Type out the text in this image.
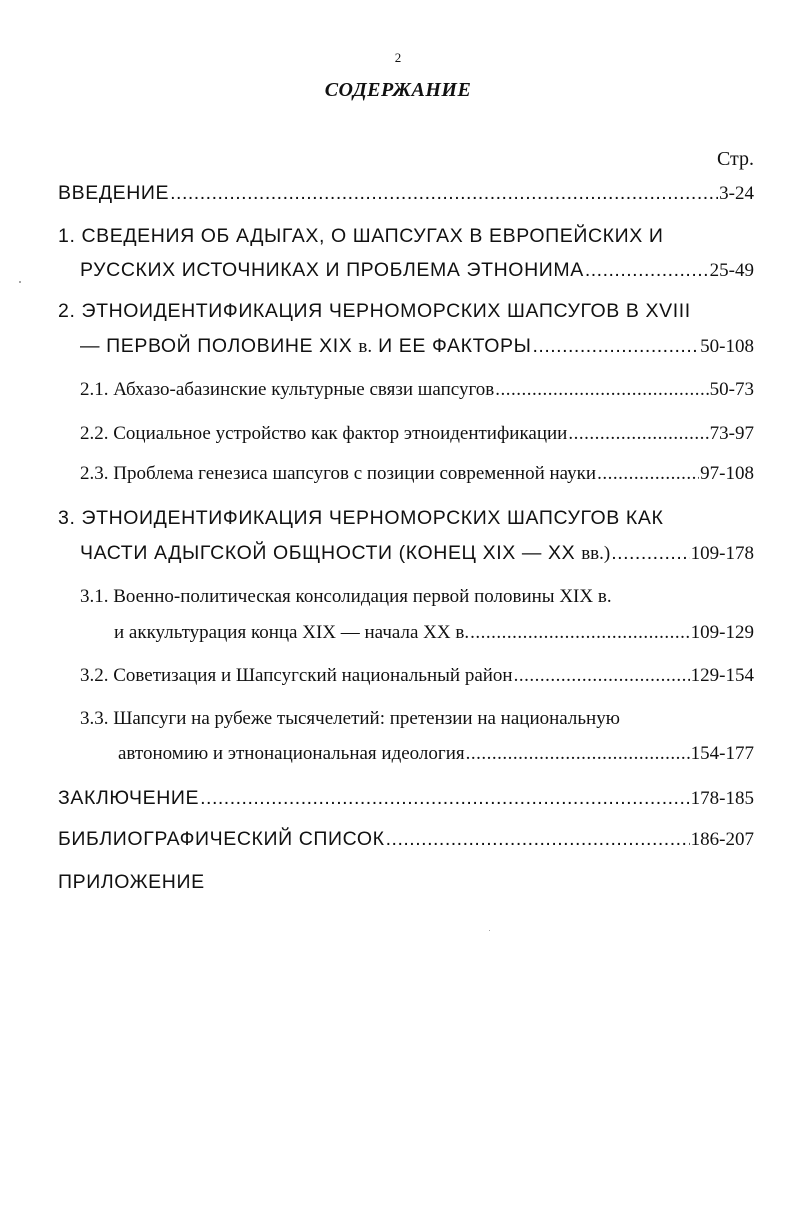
2
СОДЕРЖАНИЕ
Стр.
ВВЕДЕНИЕ .....	3-24
1. СВЕДЕНИЯ ОБ АДЫГАХ, О ШАПСУГАХ В ЕВРОПЕЙСКИХ И
РУССКИХ ИСТОЧНИКАХ И ПРОБЛЕМА ЭТНОНИМА .....	25-49
2. ЭТНОИДЕНТИФИКАЦИЯ ЧЕРНОМОРСКИХ ШАПСУГОВ В XVIII
— ПЕРВОЙ ПОЛОВИНЕ XIX в. И ЕЕ ФАКТОРЫ .....	50-108
2.1. Абхазо-абазинские культурные связи шапсугов .....	50-73
2.2. Социальное устройство как фактор этноидентификации .....	73-97
2.3. Проблема генезиса шапсугов с позиции современной науки .....	97-108
3. ЭТНОИДЕНТИФИКАЦИЯ ЧЕРНОМОРСКИХ ШАПСУГОВ КАК
ЧАСТИ АДЫГСКОЙ ОБЩНОСТИ (КОНЕЦ XIX — XX вв.) .....	109-178
3.1. Военно-политическая консолидация первой половины XIX в.
и аккультурация конца XIX — начала XX в. .....	109-129
3.2. Советизация и Шапсугский национальный район .....	129-154
3.3. Шапсуги на рубеже тысячелетий: претензии на национальную
автономию и этнонациональная идеология .....	154-177
ЗАКЛЮЧЕНИЕ .....	178-185
БИБЛИОГРАФИЧЕСКИЙ СПИСОК .....	186-207
ПРИЛОЖЕНИЕ
